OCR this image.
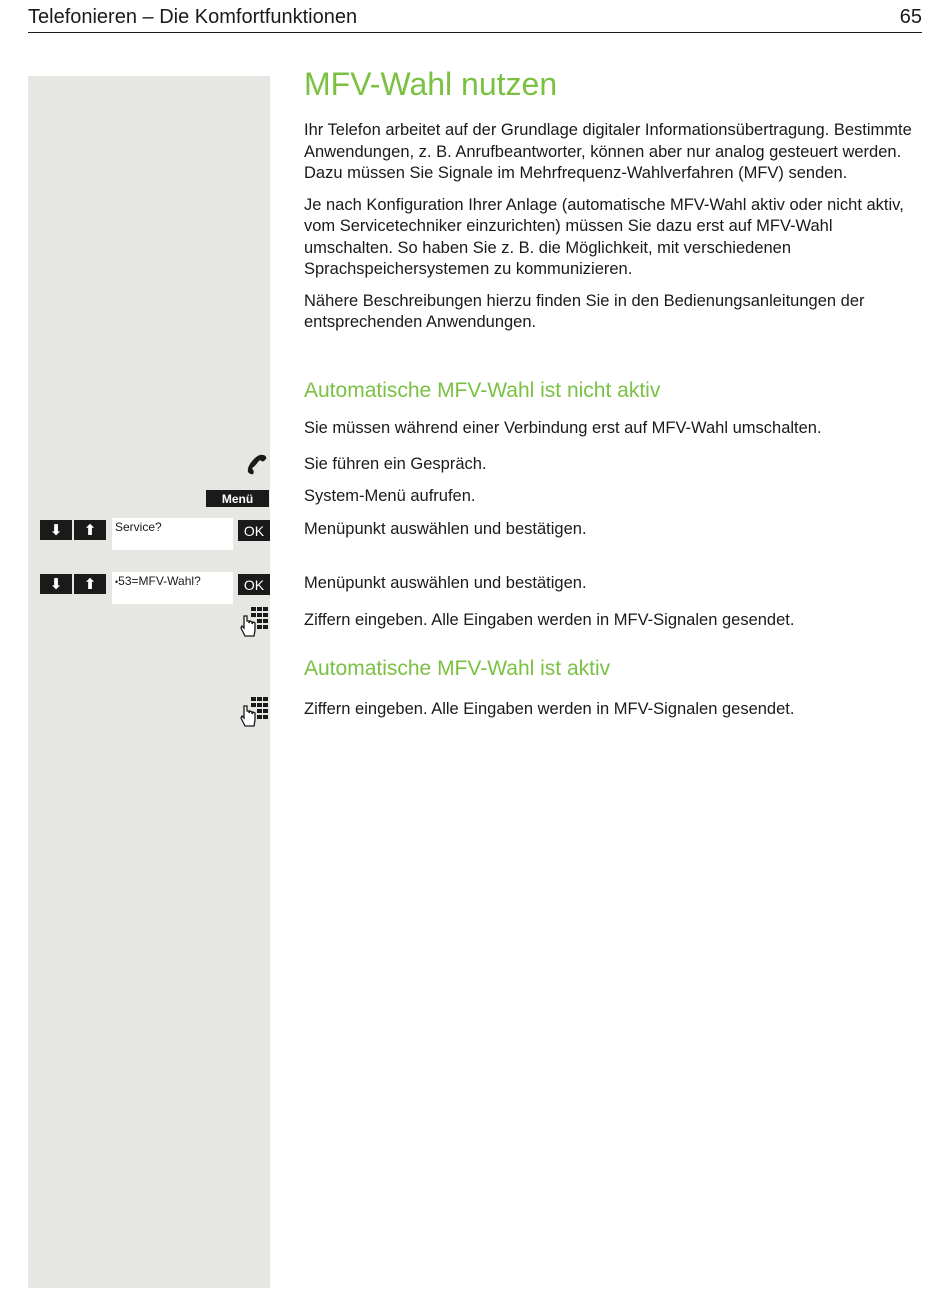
Telefonieren – Die Komfortfunktionen	65
Menü
⬇	⬆	Service?	OK
⬇	⬆	•53=MFV-Wahl?	OK
MFV-Wahl nutzen

Ihr Telefon arbeitet auf der Grundlage digitaler Informationsübertragung. Bestimmte Anwendungen, z. B. Anrufbeantworter, können aber nur analog gesteuert werden. Dazu müssen Sie Signale im Mehrfrequenz-Wahlverfahren (MFV) senden.

Je nach Konfiguration Ihrer Anlage (automatische MFV-Wahl aktiv oder nicht aktiv, vom Servicetechniker einzurichten) müssen Sie dazu erst auf MFV-Wahl umschalten. So haben Sie z. B. die Möglichkeit, mit verschiedenen Sprachspeichersystemen zu kommunizieren.

Nähere Beschreibungen hierzu finden Sie in den Bedienungsanleitungen der entsprechenden Anwendungen.

Automatische MFV-Wahl ist nicht aktiv
Sie müssen während einer Verbindung erst auf MFV-Wahl umschalten.
Sie führen ein Gespräch.
System-Menü aufrufen.
Menüpunkt auswählen und bestätigen.
Menüpunkt auswählen und bestätigen.
Ziffern eingeben. Alle Eingaben werden in MFV-Signalen gesendet.
Automatische MFV-Wahl ist aktiv
Ziffern eingeben. Alle Eingaben werden in MFV-Signalen gesendet.
